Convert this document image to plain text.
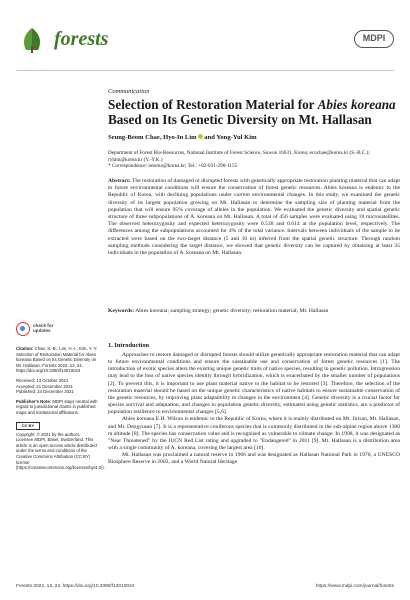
forests	MDPI
Communication
Selection of Restoration Material for Abies koreana Based on Its Genetic Diversity on Mt. Hallasan
Seung-Beom Chae, Hyo-In Lim and Yong-Yul Kim
Department of Forest Bio-Resources, National Institute of Forest Science, Suwon 16631, Korea; ecochae@korea.kr (S.-B.C.); ryhim@korea.kr (Y.-Y.K.)
* Correspondence: iotomo@korea.kr; Tel.: +82-031-290-1155
Abstract: The restoration of damaged or disrupted forests with genetically appropriate restoration planting material that can adapt to future environmental conditions will ensure the conservation of forest genetic resources. Abies koreana is endemic to the Republic of Korea, with declining populations under current environmental changes. In this study, we examined the genetic diversity of its largest population growing on Mt. Hallasan to determine the sampling size of planting material from the population that will ensure 95% coverage of alleles in the population. We evaluated the genetic diversity and spatial genetic structure of three subpopulations of A. koreana on Mt. Hallasan. A total of 456 samples were evaluated using 10 microsatellites. The observed heterozygosity and expected heterozygosity were 0.538 and 0.614 at the population level, respectively. The differences among the subpopulations accounted for 4% of the total variance. Intervals between individuals of the sample to be extracted were based on the two-target distance (5 and 10 m) inferred from the spatial genetic structure. Through random sampling methods considering the target distance, we showed that genetic diversity can be captured by obtaining at least 35 individuals in the population of A. koreana on Mt. Hallasan.
Keywords: Abies koreana; sampling strategy; genetic diversity; restoration material; Mt. Hallasan
check for
updates
Citation: Chae, S.-B.; Lim, H.-I.; Kim, Y.-Y. Selection of Restoration Material for Abies koreana Based on Its Genetic Diversity on Mt. Hallasan. Forests 2022, 13, 24. https://doi.org/10.3390/f13010024
Received: 13 October 2021
Accepted: 21 December 2021
Published: 24 December 2021
Publisher's Note: MDPI stays neutral with regard to jurisdictional claims in published maps and institutional affiliations.
CC BY
Copyright: © 2021 by the authors. Licensee MDPI, Basel, Switzerland. This article is an open access article distributed under the terms and conditions of the Creative Commons Attribution (CC BY) license (https://creativecommons.org/licenses/by/4.0/).
1. Introduction

Approaches to restore damaged or disrupted forests should utilize genetically appropriate restoration material that can adapt to future environmental conditions and ensure the sustainable use and conservation of forest genetic resources [1]. The introduction of exotic species alters the existing unique genetic traits of native species, resulting in genetic pollution. Introgression may lead to the loss of native species identity through hybridization, which is exacerbated by the smaller number of populations [2]. To prevent this, it is important to use plant material native to the habitat to be restored [3]. Therefore, the selection of the restoration material should be based on the unique genetic characteristics of native habitats to ensure sustainable conservation of the genetic resources, by improving plant adaptability to changes in the environment [4]. Genetic diversity is a crucial factor for species survival and adaptation, and changes in population genetic diversity, estimated using genetic statistics, are a predictor of population resilience to environmental changes [5,6].

Abies koreana E.H. Wilson is endemic to the Republic of Korea, where it is mainly distributed on Mt. Jirisan, Mt. Hallasan, and Mt. Deogyusan [7]. It is a representative coniferous species that is commonly distributed in the sub-alpine region above 1300 m altitude [8]. The species has conservation value and is recognized as vulnerable to climate change. In 1998, it was designated as "Near Threatened" by the IUCN Red List rating and upgraded to "Endangered" in 2011 [9]. Mt. Hallasan is a distribution area with a single community of A. koreana, covering the largest area [10].

Mt. Hallasan was proclaimed a natural reserve in 1966 and was designated as Hallasan National Park in 1970, a UNESCO Biosphere Reserve in 2002, and a World Natural Heritage

Forests 2022, 13, 24. https://doi.org/10.3390/f13010024	https://www.mdpi.com/journal/forests
